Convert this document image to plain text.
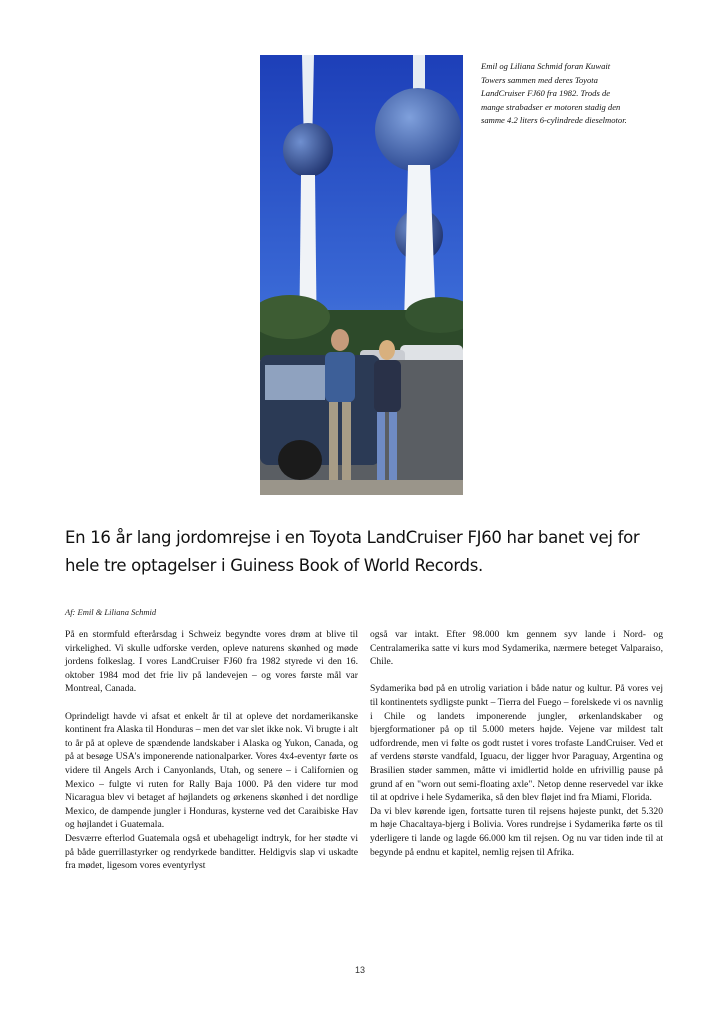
Emil og Liliana Schmid foran Kuwait Towers sammen med deres Toyota LandCruiser FJ60 fra 1982. Trods de mange strabadser er motoren stadig den samme 4.2 liters 6-cylindrede dieselmotor.
En 16 år lang jordomrejse i en Toyota LandCruiser FJ60 har banet vej for
hele tre optagelser i Guiness Book of World Records.
Af: Emil & Liliana Schmid

På en stormfuld efterårsdag i Schweiz begyndte vores drøm at blive til virkelighed. Vi skulle udforske verden, opleve naturens skønhed og møde jordens folkeslag. I vores LandCruiser FJ60 fra 1982 styrede vi den 16. oktober 1984 mod det frie liv på landevejen – og vores første mål var Montreal, Canada.

Oprindeligt havde vi afsat et enkelt år til at opleve det nordamerikanske kontinent fra Alaska til Honduras – men det var slet ikke nok. Vi brugte i alt to år på at opleve de spændende landskaber i Alaska og Yukon, Canada, og på at besøge USA's imponerende nationalparker. Vores 4x4-eventyr førte os videre til Angels Arch i Canyonlands, Utah, og senere – i Californien og Mexico – fulgte vi ruten for Rally Baja 1000. På den videre tur mod Nicaragua blev vi betaget af højlandets og ørkenens skønhed i det nordlige Mexico, de dampende jungler i Honduras, kysterne ved det Caraibiske Hav og højlandet i Guatemala.

Desværre efterlod Guatemala også et ubehageligt indtryk, for her stødte vi på både guerrillastyrker og rendyrkede banditter. Heldigvis slap vi uskadte fra mødet, ligesom vores eventyrlyst

også var intakt. Efter 98.000 km gennem syv lande i Nord- og Centralamerika satte vi kurs mod Sydamerika, nærmere beteget Valparaiso, Chile.

Sydamerika bød på en utrolig variation i både natur og kultur. På vores vej til kontinentets sydligste punkt – Tierra del Fuego – forelskede vi os navnlig i Chile og landets imponerende jungler, ørkenlandskaber og bjergformationer på op til 5.000 meters højde. Vejene var mildest talt udfordrende, men vi følte os godt rustet i vores trofaste LandCruiser. Ved et af verdens største vandfald, Iguacu, der ligger hvor Paraguay, Argentina og Brasilien støder sammen, måtte vi imidlertid holde en ufrivillig pause på grund af en "worn out semi-floating axle". Netop denne reservedel var ikke til at opdrive i hele Sydamerika, så den blev fløjet ind fra Miami, Florida.

Da vi blev kørende igen, fortsatte turen til rejsens højeste punkt, det 5.320 m høje Chacaltaya-bjerg i Bolivia. Vores rundrejse i Sydamerika førte os til yderligere ti lande og lagde 66.000 km til rejsen. Og nu var tiden inde til at begynde på endnu et kapitel, nemlig rejsen til Afrika.

13
